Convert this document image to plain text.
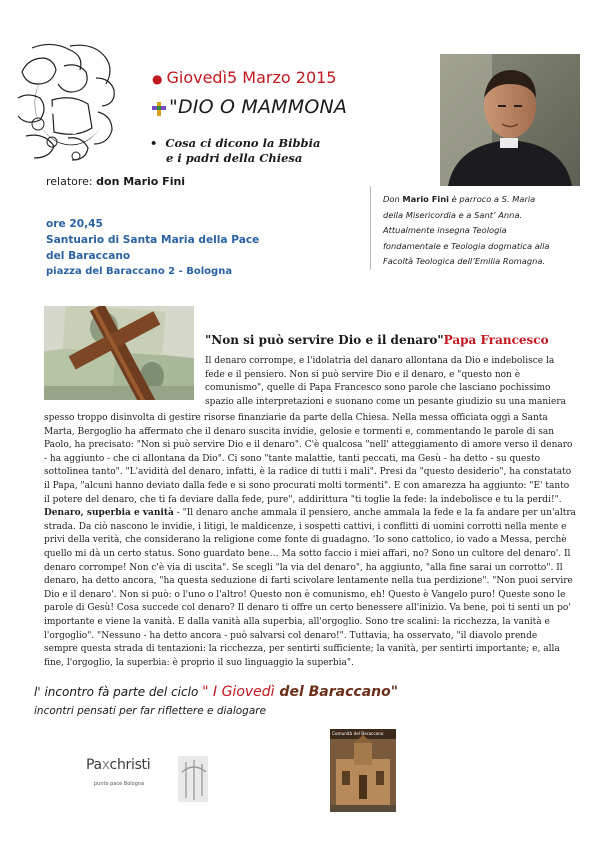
● Giovedì5 Marzo 2015
"DIO O MAMMONA
• Cosa ci dicono la Bibbia
e i padri della Chiesa
Don Mario Fini è parroco a S. Maria
della Misericordia e a Sant’ Anna.
Attualmente insegna Teologia
fondamentale e Teologia dogmatica alla
Facoltà Teologica dell’Emilia Romagna.
relatore: don Mario Fini
ore 20,45
Santuario di Santa Maria della Pace
del Baraccano
piazza del Baraccano 2 - Bologna
"Non si può servire Dio e il denaro"Papa Francesco
Il denaro corrompe, e l'idolatria del danaro allontana da Dio e indebolisce la
fede e il pensiero. Non si può servire Dio e il denaro, e "questo non è
comunismo", quelle di Papa Francesco sono parole che lasciano pochissimo
spazio alle interpretazioni e suonano come un pesante giudizio su una maniera
spesso troppo disinvolta di gestire risorse finanziarie da parte della Chiesa. Nella messa officiata oggi a Santa
Marta, Bergoglio ha affermato che il denaro suscita invidie, gelosie e tormenti e, commentando le parole di san
Paolo, ha precisato: "Non si può servire Dio e il denaro". C'è qualcosa "nell' atteggiamento di amore verso il denaro
- ha aggiunto - che ci allontana da Dio". Ci sono "tante malattie, tanti peccati, ma Gesù - ha detto - su questo
sottolinea tanto". "L'avidità del denaro, infatti, è la radice di tutti i mali". Presi da "questo desiderio", ha constatato
il Papa, "alcuni hanno deviato dalla fede e si sono procurati molti tormenti". E con amarezza ha aggiunto: "E' tanto
il potere del denaro, che ti fa deviare dalla fede, pure", addirittura "ti toglie la fede: la indebolisce e tu la perdi!".
Denaro, superbia e vanità - "Il denaro anche ammala il pensiero, anche ammala la fede e la fa andare per un'altra
strada. Da ciò nascono le invidie, i litigi, le maldicenze, i sospetti cattivi, i conflitti di uomini corrotti nella mente e
privi della verità, che considerano la religione come fonte di guadagno. 'Io sono cattolico, io vado a Messa, perchè
quello mi dà un certo status. Sono guardato bene… Ma sotto faccio i miei affari, no? Sono un cultore del denaro'. Il
denaro corrompe! Non c'è via di uscita". Se scegli "la via del denaro", ha aggiunto, "alla fine sarai un corrotto". Il
denaro, ha detto ancora, "ha questa seduzione di farti scivolare lentamente nella tua perdizione". "Non puoi servire
Dio e il denaro'. Non si può: o l'uno o l'altro! Questo non è comunismo, eh! Questo è Vangelo puro! Queste sono le
parole di Gesù! Cosa succede col denaro? Il denaro ti offre un certo benessere all'inizio. Va bene, poi ti senti un po'
importante e viene la vanità. E dalla vanità alla superbia, all'orgoglio. Sono tre scalini: la ricchezza, la vanità e
l'orgoglio". "Nessuno - ha detto ancora - può salvarsi col denaro!". Tuttavia, ha osservato, "il diavolo prende
sempre questa strada di tentazioni: la ricchezza, per sentirti sufficiente; la vanità, per sentirti importante; e, alla
fine, l'orgoglio, la superbia: è proprio il suo linguaggio la superbia".
l' incontro fà parte del ciclo " I Giovedì del Baraccano"
incontri pensati per far riflettere e dialogare
Paxchristi
punto pace Bologna
Comunità del Baraccano
